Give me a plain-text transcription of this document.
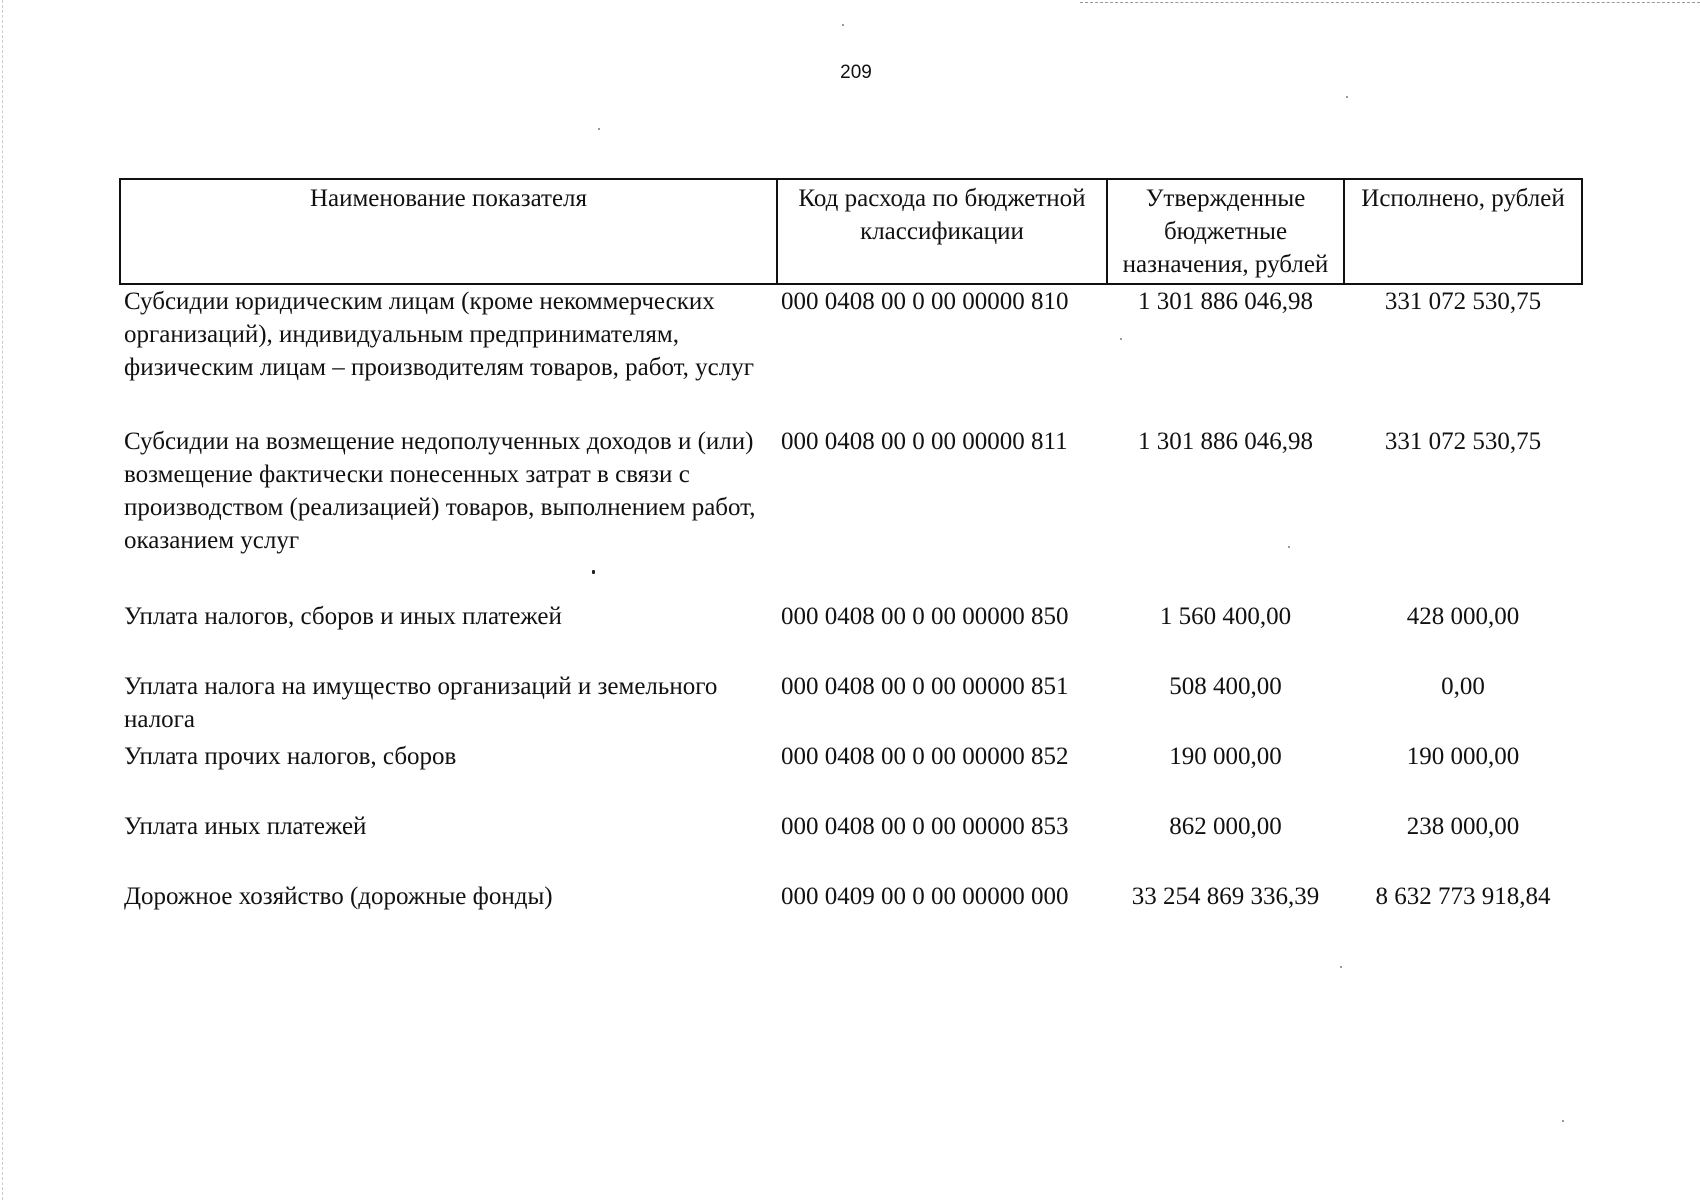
209
Наименование показателя	Код расхода по бюджетной классификации	Утвержденные бюджетные назначения, рублей	Исполнено, рублей
Субсидии юридическим лицам (кроме некоммерческих организаций), индивидуальным предпринимателям, физическим лицам – производителям товаров, работ, услуг	000 0408 00 0 00 00000 810	1 301 886 046,98	331 072 530,75
Субсидии на возмещение недополученных доходов и (или) возмещение фактически понесенных затрат в связи с производством (реализацией) товаров, выполнением работ, оказанием услуг	000 0408 00 0 00 00000 811	1 301 886 046,98	331 072 530,75
Уплата налогов, сборов и иных платежей	000 0408 00 0 00 00000 850	1 560 400,00	428 000,00
Уплата налога на имущество организаций и земельного налога	000 0408 00 0 00 00000 851	508 400,00	0,00
Уплата прочих налогов, сборов	000 0408 00 0 00 00000 852	190 000,00	190 000,00
Уплата иных платежей	000 0408 00 0 00 00000 853	862 000,00	238 000,00
Дорожное хозяйство (дорожные фонды)	000 0409 00 0 00 00000 000	33 254 869 336,39	8 632 773 918,84
